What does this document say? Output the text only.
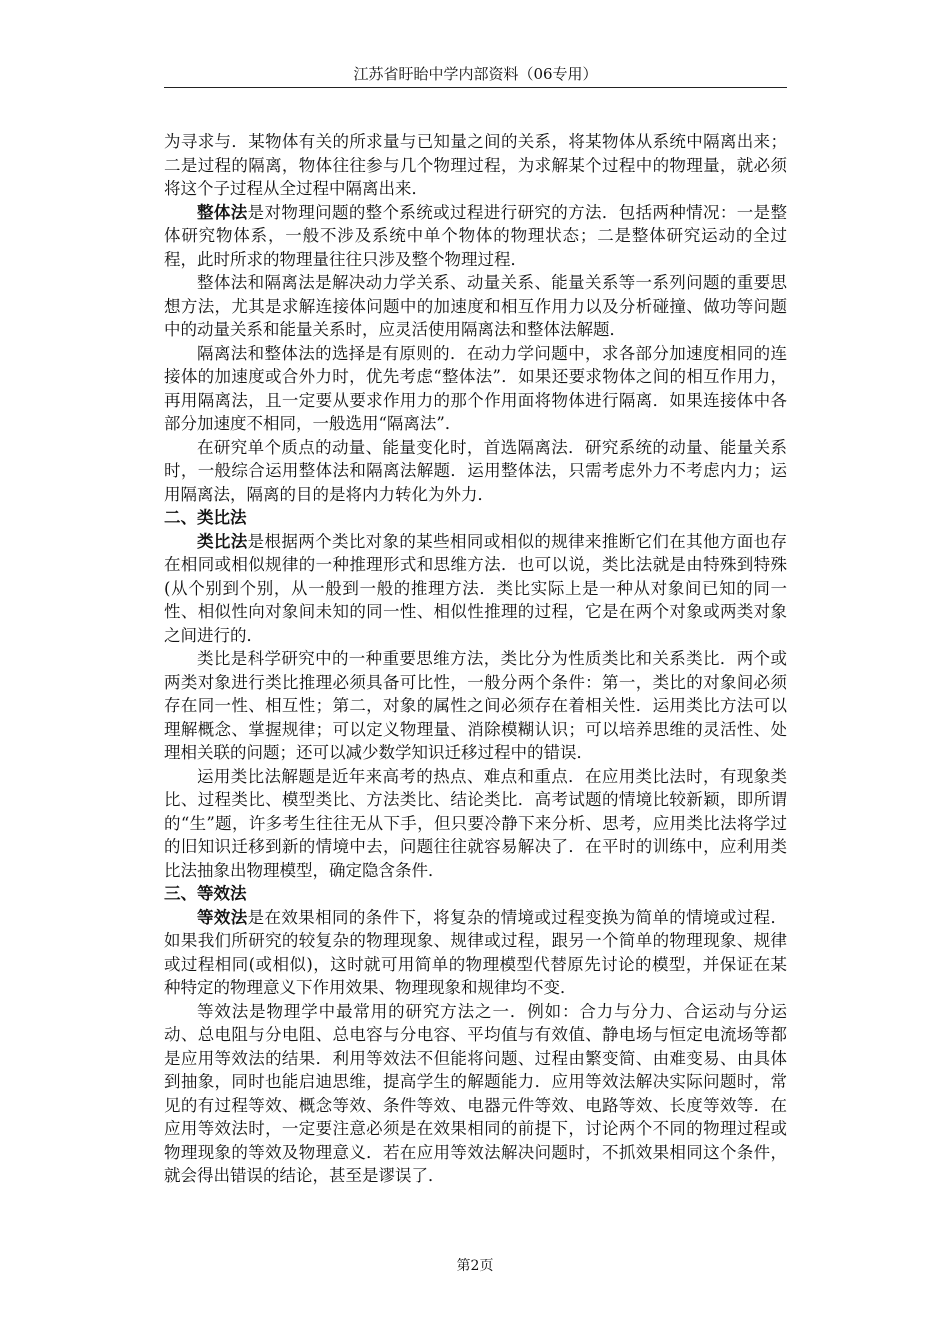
江苏省盱眙中学内部资料（06专用）

为寻求与．某物体有关的所求量与已知量之间的关系，将某物体从系统中隔离出来；二是过程的隔离，物体往往参与几个物理过程，为求解某个过程中的物理量，就必须将这个子过程从全过程中隔离出来．

整体法是对物理问题的整个系统或过程进行研究的方法．包括两种情况：一是整体研究物体系，一般不涉及系统中单个物体的物理状态；二是整体研究运动的全过程，此时所求的物理量往往只涉及整个物理过程．

整体法和隔离法是解决动力学关系、动量关系、能量关系等一系列问题的重要思想方法，尤其是求解连接体问题中的加速度和相互作用力以及分析碰撞、做功等问题中的动量关系和能量关系时，应灵活使用隔离法和整体法解题．

隔离法和整体法的选择是有原则的．在动力学问题中，求各部分加速度相同的连接体的加速度或合外力时，优先考虑“整体法”．如果还要求物体之间的相互作用力，再用隔离法，且一定要从要求作用力的那个作用面将物体进行隔离．如果连接体中各部分加速度不相同，一般选用“隔离法”．

在研究单个质点的动量、能量变化时，首选隔离法．研究系统的动量、能量关系时，一般综合运用整体法和隔离法解题．运用整体法，只需考虑外力不考虑内力；运用隔离法，隔离的目的是将内力转化为外力．

二、类比法

类比法是根据两个类比对象的某些相同或相似的规律来推断它们在其他方面也存在相同或相似规律的一种推理形式和思维方法．也可以说，类比法就是由特殊到特殊(从个别到个别，从一般到一般的推理方法．类比实际上是一种从对象间已知的同一性、相似性向对象间未知的同一性、相似性推理的过程，它是在两个对象或两类对象之间进行的．

类比是科学研究中的一种重要思维方法，类比分为性质类比和关系类比．两个或两类对象进行类比推理必须具备可比性，一般分两个条件：第一，类比的对象间必须存在同一性、相互性；第二，对象的属性之间必须存在着相关性．运用类比方法可以理解概念、掌握规律；可以定义物理量、消除模糊认识；可以培养思维的灵活性、处理相关联的问题；还可以减少数学知识迁移过程中的错误．

运用类比法解题是近年来高考的热点、难点和重点．在应用类比法时，有现象类比、过程类比、模型类比、方法类比、结论类比．高考试题的情境比较新颖，即所谓的“生”题，许多考生往往无从下手，但只要冷静下来分析、思考，应用类比法将学过的旧知识迁移到新的情境中去，问题往往就容易解决了．在平时的训练中，应利用类比法抽象出物理模型，确定隐含条件．

三、等效法

等效法是在效果相同的条件下，将复杂的情境或过程变换为简单的情境或过程．如果我们所研究的较复杂的物理现象、规律或过程，跟另一个简单的物理现象、规律或过程相同(或相似)，这时就可用简单的物理模型代替原先讨论的模型，并保证在某种特定的物理意义下作用效果、物理现象和规律均不变．

等效法是物理学中最常用的研究方法之一．例如：合力与分力、合运动与分运动、总电阻与分电阻、总电容与分电容、平均值与有效值、静电场与恒定电流场等都是应用等效法的结果．利用等效法不但能将问题、过程由繁变简、由难变易、由具体到抽象，同时也能启迪思维，提高学生的解题能力．应用等效法解决实际问题时，常见的有过程等效、概念等效、条件等效、电器元件等效、电路等效、长度等效等．在应用等效法时，一定要注意必须是在效果相同的前提下，讨论两个不同的物理过程或物理现象的等效及物理意义．若在应用等效法解决问题时，不抓效果相同这个条件，就会得出错误的结论，甚至是谬误了．

第2页
